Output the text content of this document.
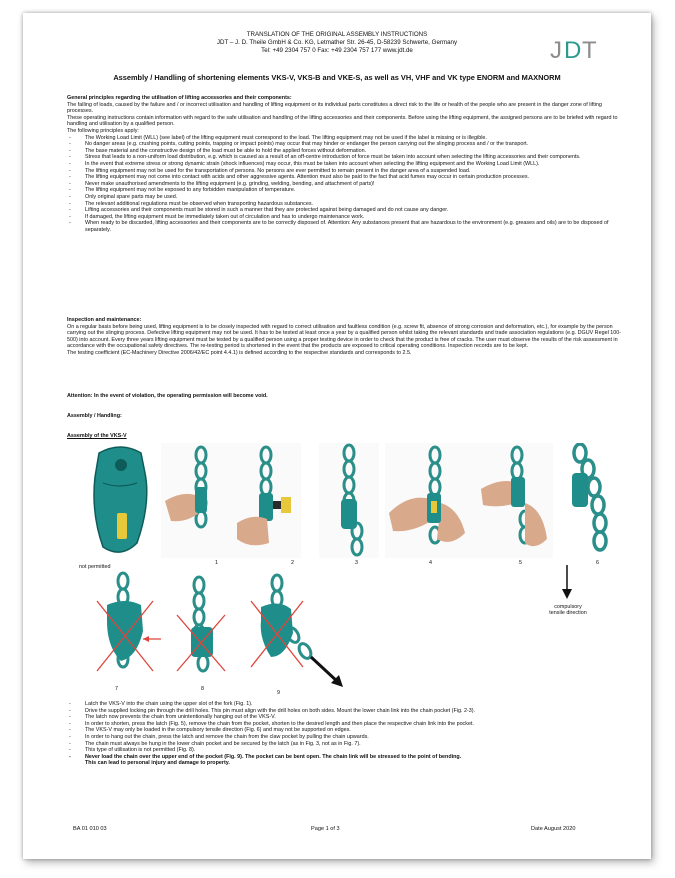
TRANSLATION OF THE ORIGINAL ASSEMBLY INSTRUCTIONS
JDT – J. D. Theile GmbH & Co. KG, Letmather Str. 26-45, D-58239 Schwerte, Germany
Tel: +49 2304 757 0 Fax: +49 2304 757 177 www.jdt.de	J D T
Assembly / Handling of shortening elements VKS-V, VKS-B and VKE-S, as well as VH, VHF and VK type ENORM and MAXNORM
General principles regarding the utilisation of lifting accessories and their components:
The falling of loads, caused by the failure and / or incorrect utilisation and handling of lifting equipment or its individual parts constitutes a direct risk to the life or health of the people who are present in the danger zone of lifting processes.
These operating instructions contain information with regard to the safe utilisation and handling of the lifting accessories and their components. Before using the lifting equipment, the assigned persons are to be briefed with regard to handling and utilisation by a qualified person.
The following principles apply:
- The Working Load Limit (WLL) (see label) of the lifting equipment must correspond to the load. The lifting equipment may not be used if the label is missing or is illegible.
- No danger areas (e.g. crushing points, cutting points, trapping or impact points) may occur that may hinder or endanger the person carrying out the slinging process and / or the transport.
- The base material and the constructive design of the load must be able to hold the applied forces without deformation.
- Stress that leads to a non-uniform load distribution, e.g. which is caused as a result of an off-centre introduction of force must be taken into account when selecting the lifting accessories and their components.
- In the event that extreme stress or strong dynamic strain (shock influences) may occur, this must be taken into account when selecting the lifting equipment and the Working Load Limit (WLL).
- The lifting equipment may not be used for the transportation of persons. No persons are ever permitted to remain present in the danger area of a suspended load.
- The lifting equipment may not come into contact with acids and other aggressive agents. Attention must also be paid to the fact that acid fumes may occur in certain production processes.
- Never make unauthorised amendments to the lifting equipment (e.g. grinding, welding, bending, and attachment of parts)!
- The lifting equipment may not be exposed to any forbidden manipulation of temperature.
- Only original spare parts may be used.
- The relevant additional regulations must be observed when transporting hazardous substances.
- Lifting accessories and their components must be stored in such a manner that they are protected against being damaged and do not cause any danger.
- If damaged, the lifting equipment must be immediately taken out of circulation and has to undergo maintenance work.
- When ready to be discarded, lifting accessories and their components are to be correctly disposed of. Attention: Any substances present that are hazardous to the environment (e.g. greases and oils) are to be disposed of separately.
Inspection and maintenance:
On a regular basis before being used, lifting equipment is to be closely inspected with regard to correct utilisation and faultless condition (e.g. screw fit, absence of strong corrosion and deformation, etc.), for example by the person carrying out the slinging process. Defective lifting equipment may not be used. It has to be tested at least once a year by a qualified person whilst taking the relevant standards and trade association regulations (e.g. DGUV Regel 100-500) into account. Every three years lifting equipment must be tested by a qualified person using a proper testing device in order to check that the product is free of cracks. The user must observe the results of the risk assessment in accordance with the occupational safety directives. The re-testing period is shortened in the event that the products are exposed to critical operating conditions. Inspection records are to be kept.
The testing coefficient (EC-Machinery Directive 2006/42/EC point 4.4.1) is defined according to the respective standards and corresponds to 2.5.
Attention: In the event of violation, the operating permission will become void.
Assembly / Handling:
Assembly of the VKS-V
1	2	3	4	5	6
not permitted
7	8
9
compulsory
tensile direction
- Latch the VKS-V into the chain using the upper slot of the fork (Fig. 1).
- Drive the supplied locking pin through the drill holes. This pin must align with the drill holes on both sides. Mount the lower chain link into the chain pocket (Fig. 2-3).
- The latch now prevents the chain from unintentionally hanging out of the VKS-V.
- In order to shorten, press the latch (Fig. 5), remove the chain from the pocket, shorten to the desired length and then place the respective chain link into the pocket.
- The VKS-V may only be loaded in the compulsory tensile direction (Fig. 6) and may not be supported on edges.
- In order to hang out the chain, press the latch and remove the chain from the claw pocket by pulling the chain upwards.
- The chain must always be hung in the lower chain pocket and be secured by the latch (as in Fig. 3, not as in Fig. 7).
- This type of utilisation is not permitted (Fig. 8).
- Never load the chain over the upper end of the pocket (Fig. 9). The pocket can be bent open. The chain link will be stressed to the point of bending.
This can lead to personal injury and damage to property.
BA 01 010 03	Page 1 of 3	Date August 2020
